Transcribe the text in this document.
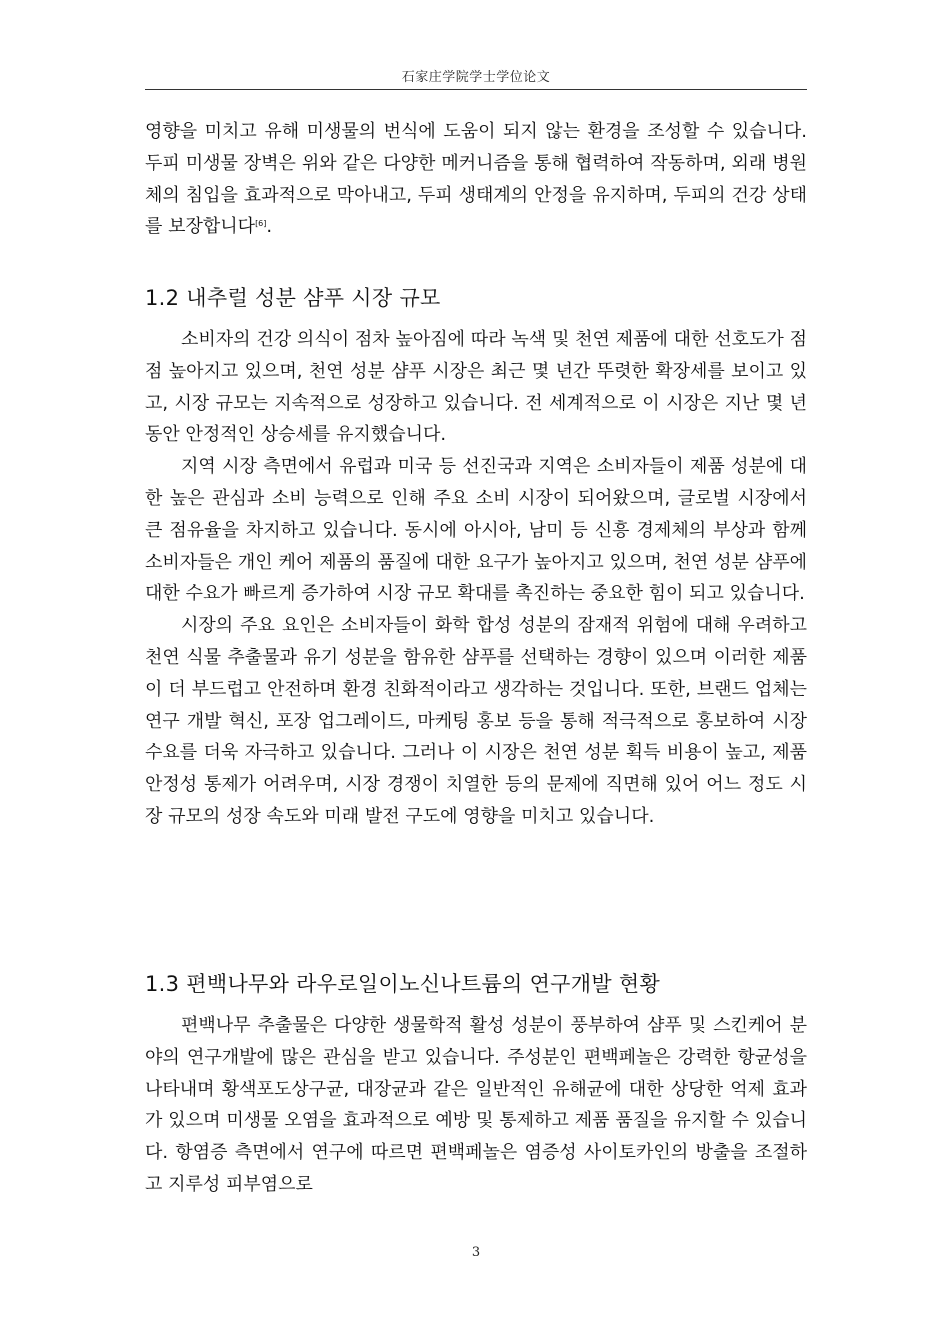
石家庄学院学士学位论文

영향을 미치고 유해 미생물의 번식에 도움이 되지 않는 환경을 조성할 수 있습니다. 두피 미생물 장벽은 위와 같은 다양한 메커니즘을 통해 협력하여 작동하며, 외래 병원체의 침입을 효과적으로 막아내고, 두피 생태계의 안정을 유지하며, 두피의 건강 상태를 보장합니다[6].

1.2 내추럴 성분 샴푸 시장 규모

소비자의 건강 의식이 점차 높아짐에 따라 녹색 및 천연 제품에 대한 선호도가 점점 높아지고 있으며, 천연 성분 샴푸 시장은 최근 몇 년간 뚜렷한 확장세를 보이고 있고, 시장 규모는 지속적으로 성장하고 있습니다. 전 세계적으로 이 시장은 지난 몇 년 동안 안정적인 상승세를 유지했습니다.

지역 시장 측면에서 유럽과 미국 등 선진국과 지역은 소비자들이 제품 성분에 대한 높은 관심과 소비 능력으로 인해 주요 소비 시장이 되어왔으며, 글로벌 시장에서 큰 점유율을 차지하고 있습니다. 동시에 아시아, 남미 등 신흥 경제체의 부상과 함께 소비자들은 개인 케어 제품의 품질에 대한 요구가 높아지고 있으며, 천연 성분 샴푸에 대한 수요가 빠르게 증가하여 시장 규모 확대를 촉진하는 중요한 힘이 되고 있습니다.

시장의 주요 요인은 소비자들이 화학 합성 성분의 잠재적 위험에 대해 우려하고 천연 식물 추출물과 유기 성분을 함유한 샴푸를 선택하는 경향이 있으며 이러한 제품이 더 부드럽고 안전하며 환경 친화적이라고 생각하는 것입니다. 또한, 브랜드 업체는 연구 개발 혁신, 포장 업그레이드, 마케팅 홍보 등을 통해 적극적으로 홍보하여 시장 수요를 더욱 자극하고 있습니다. 그러나 이 시장은 천연 성분 획득 비용이 높고, 제품 안정성 통제가 어려우며, 시장 경쟁이 치열한 등의 문제에 직면해 있어 어느 정도 시장 규모의 성장 속도와 미래 발전 구도에 영향을 미치고 있습니다.

1.3 편백나무와 라우로일이노신나트륨의 연구개발 현황

편백나무 추출물은 다양한 생물학적 활성 성분이 풍부하여 샴푸 및 스킨케어 분야의 연구개발에 많은 관심을 받고 있습니다. 주성분인 편백페놀은 강력한 항균성을 나타내며 황색포도상구균, 대장균과 같은 일반적인 유해균에 대한 상당한 억제 효과가 있으며 미생물 오염을 효과적으로 예방 및 통제하고 제품 품질을 유지할 수 있습니다. 항염증 측면에서 연구에 따르면 편백페놀은 염증성 사이토카인의 방출을 조절하고 지루성 피부염으로

3
